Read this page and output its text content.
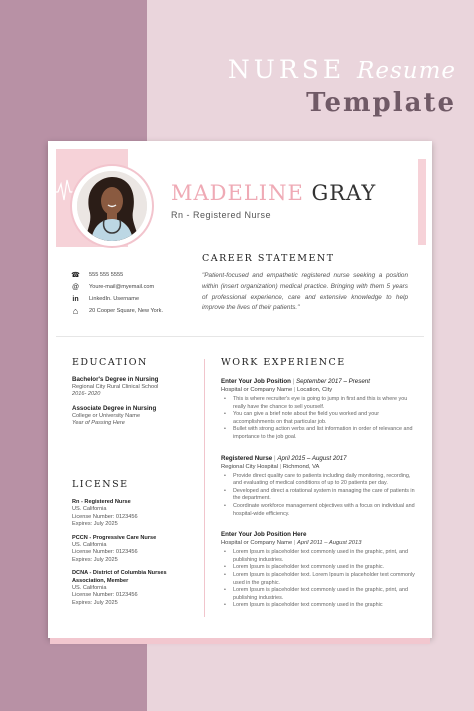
NURSE Resume
Template
MADELINE GRAY
Rn - Registered Nurse
☎ 555 555 5555
@	Youre-mail@myemail.com
in	LinkedIn. Username
⌂	20 Cooper Square, New York.
CAREER STATEMENT
"Patient-focused and empathetic registered nurse seeking a position within (insert organization) medical practice. Bringing with them 5 years of professional experience, care and extensive knowledge to help improve the lives of their patients."
EDUCATION
Bachelor's Degree in Nursing
Regional City Rural Clinical School
2016- 2020
Associate Degree in Nursing
College or University Name
Year of Passing Here
LICENSE
Rn - Registered Nurse
US. California
License Number: 0123456
Expires: July 2025
PCCN - Progressive Care Nurse
US. California
License Number: 0123456
Expires: July 2025
DCNA - District of Columbia Nurses Association, Member
US. California
License Number: 0123456
Expires: July 2025
WORK EXPERIENCE
Enter Your Job Position | September 2017 – Present
Hospital or Company Name | Location, City
• This is where recruiter's eye is going to jump in first and this is where you really have the chance to sell yourself.
• You can give a brief note about the field you worked and your accomplishments on that particular job.
• Bullet with strong action verbs and list information in order of relevance and importance to the job goal.
Registered Nurse | April 2015 – August 2017
Regional City Hospital | Richmond, VA
• Provide direct quality care to patients including daily monitoring, recording, and evaluating of medical conditions of up to 20 patients per day.
• Developed and direct a rotational system in managing the care of patients in the department.
• Coordinate workforce management objectives with a focus on individual and hospital-wide efficiency.
Enter Your Job Position Here
Hospital or Company Name | April 2011 – August 2013
• Lorem Ipsum is placeholder text commonly used in the graphic, print, and publishing industries.
• Lorem Ipsum is placeholder text commonly used in the graphic.
• Lorem Ipsum is placeholder text. Lorem Ipsum is placeholder text commonly used in the graphic.
• Lorem Ipsum is placeholder text commonly used in the graphic, print, and publishing industries.
• Lorem Ipsum is placeholder text commonly used in the graphic
